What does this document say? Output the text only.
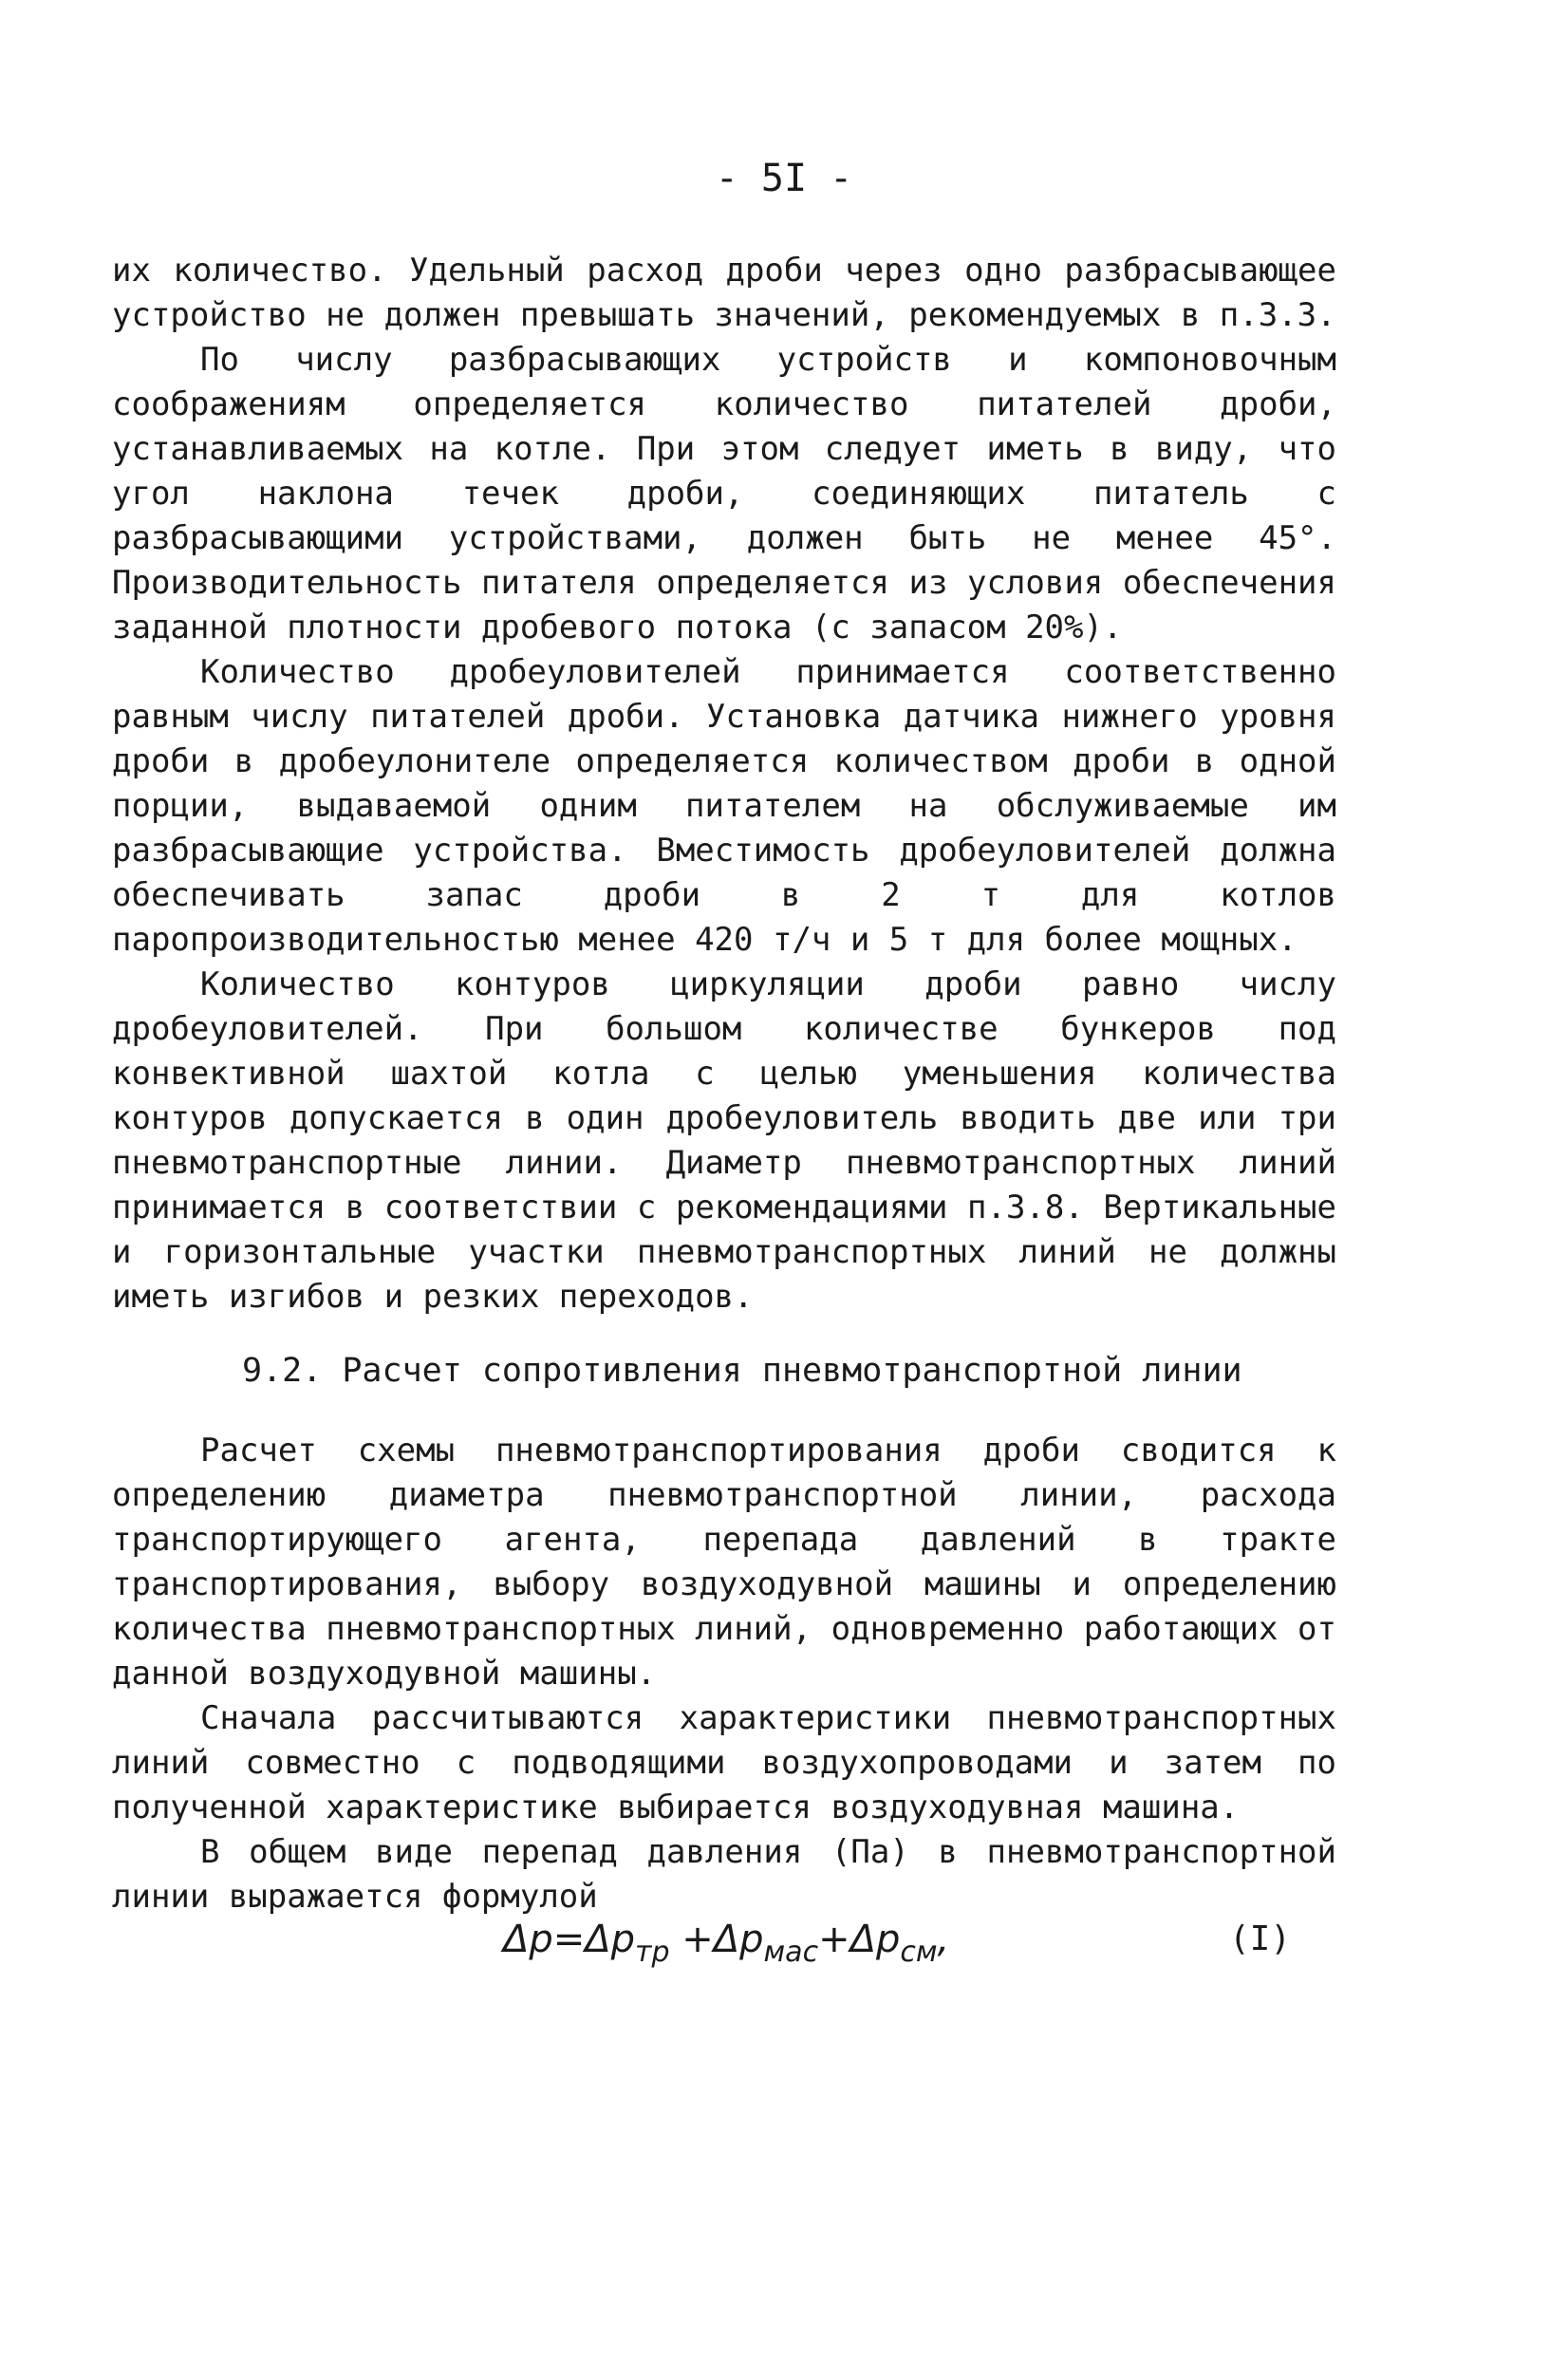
- 5I -

их количество. Удельный расход дроби через одно разбрасывающее устройство не должен превышать значений, рекомендуемых в п.3.3.

По числу разбрасывающих устройств и компоновочным соображениям определяется количество питателей дроби, устанавливаемых на котле. При этом следует иметь в виду, что угол наклона течек дроби, соединяющих питатель с разбрасывающими устройствами, должен быть не менее 45°. Производительность питателя определяется из условия обеспечения заданной плотности дробевого потока (с запасом 20%).

Количество дробеуловителей принимается соответственно равным числу питателей дроби. Установка датчика нижнего уровня дроби в дробеулонителе определяется количеством дроби в одной порции, выдаваемой одним питателем на обслуживаемые им разбрасывающие устройства. Вместимость дробеуловителей должна обеспечивать запас дроби в 2 т для котлов паропроизводительностью менее 420 т/ч и 5 т для более мощных.

Количество контуров циркуляции дроби равно числу дробеуловителей. При большом количестве бункеров под конвективной шахтой котла с целью уменьшения количества контуров допускается в один дробеуловитель вводить две или три пневмотранспортные линии. Диаметр пневмотранспортных линий принимается в соответствии с рекомендациями п.3.8. Вертикальные и горизонтальные участки пневмотранспортных линий не должны иметь изгибов и резких переходов.

9.2. Расчет сопротивления пневмотранспортной линии

Расчет схемы пневмотранспортирования дроби сводится к определению диаметра пневмотранспортной линии, расхода транспортирующего агента, перепада давлений в тракте транспортирования, выбору воздуходувной машины и определению количества пневмотранспортных линий, одновременно работающих от данной воздуходувной машины.

Сначала рассчитываются характеристики пневмотранспортных линий совместно с подводящими воздухопроводами и затем по полученной характеристике выбирается воздуходувная машина.

В общем виде перепад давления (Па) в пневмотранспортной линии выражается формулой

$\Delta p=\Delta p_{тр} +\Delta p_{мас}+\Delta p_{см}$,	(I)
